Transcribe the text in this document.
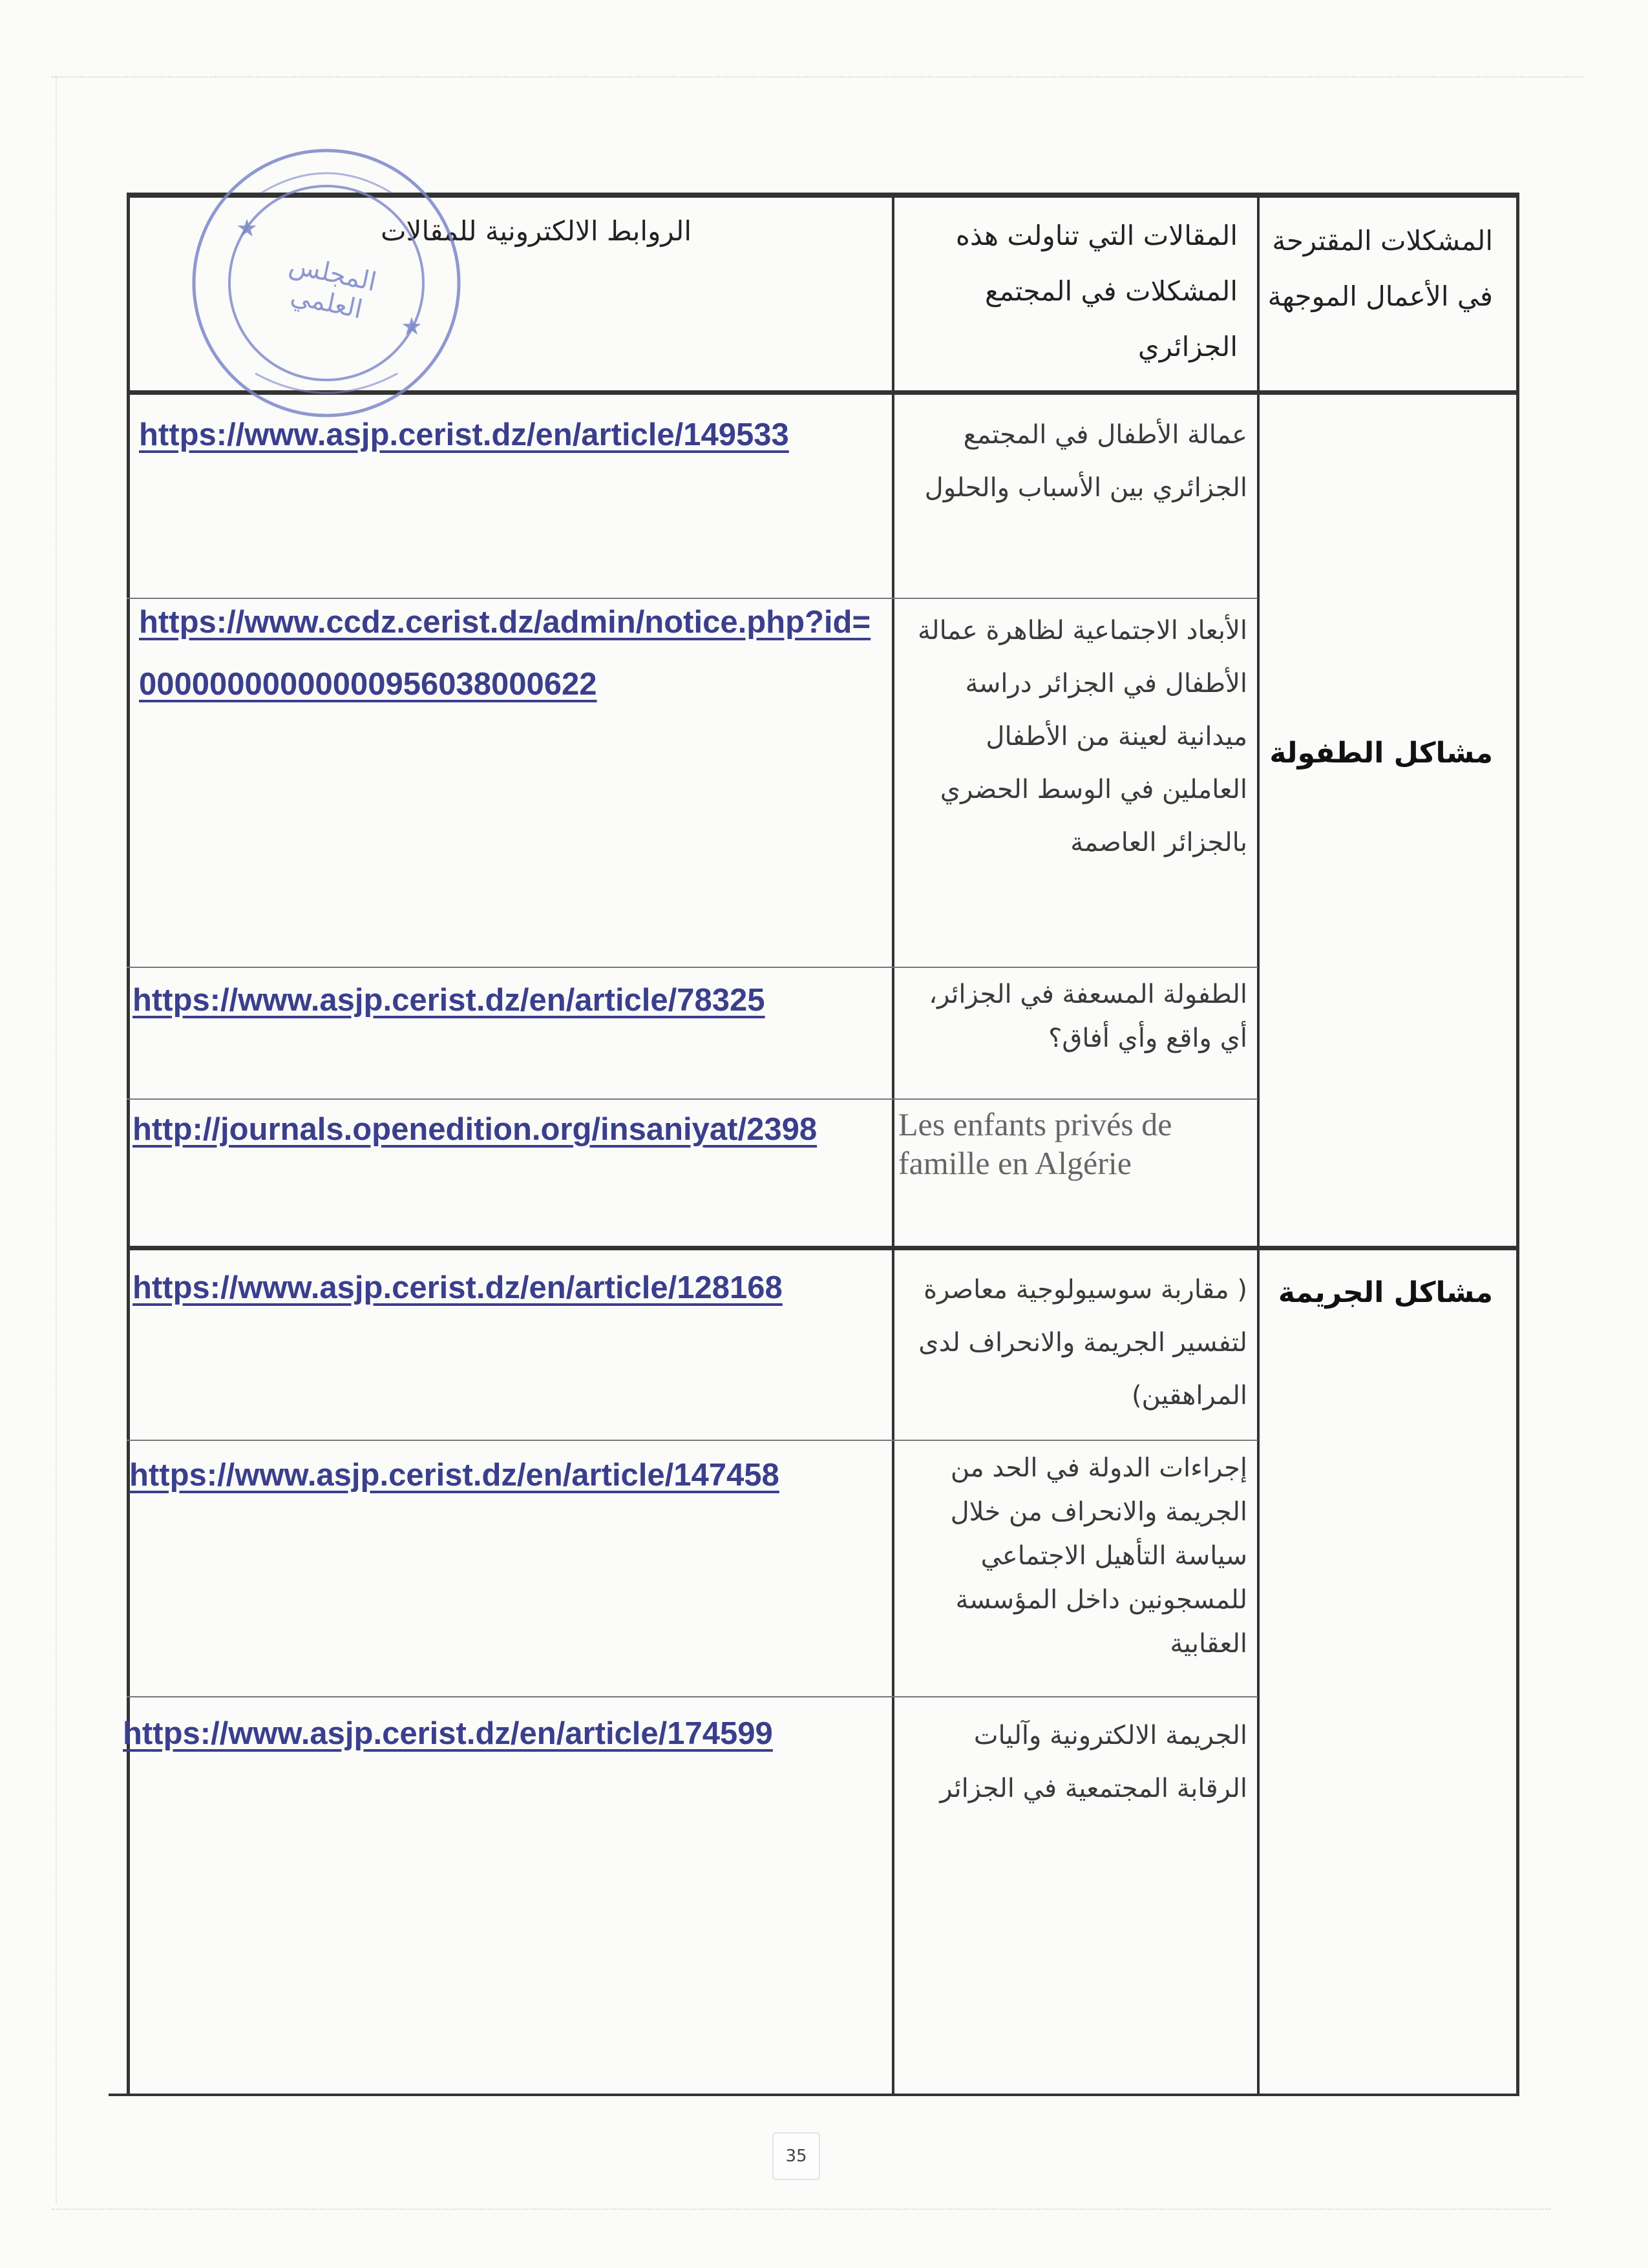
المشكلات المقترحة في الأعمال الموجهة
المقالات التي تناولت هذه المشكلات في المجتمع الجزائري
الروابط الالكترونية للمقالات
مشاكل الطفولة
مشاكل الجريمة
عمالة الأطفال في المجتمع الجزائري بين الأسباب والحلول
https://www.asjp.cerist.dz/en/article/149533
الأبعاد الاجتماعية لظاهرة عمالة الأطفال في الجزائر دراسة ميدانية لعينة من الأطفال العاملين في الوسط الحضري بالجزائر العاصمة
https://www.ccdz.cerist.dz/admin/notice.php?id=00000000000000956038000622
الطفولة المسعفة في الجزائر، أي واقع وأي أفاق؟
https://www.asjp.cerist.dz/en/article/78325
Les enfants privés de famille en Algérie
http://journals.openedition.org/insaniyat/2398
( مقاربة سوسيولوجية معاصرة لتفسير الجريمة والانحراف لدى المراهقين)
https://www.asjp.cerist.dz/en/article/128168
إجراءات الدولة في الحد من الجريمة والانحراف من خلال سياسة التأهيل الاجتماعي للمسجونين داخل المؤسسة العقابية
https://www.asjp.cerist.dz/en/article/147458
الجريمة الالكترونية وآليات الرقابة المجتمعية في الجزائر
https://www.asjp.cerist.dz/en/article/174599
★
★
المجلس العلمي
35
